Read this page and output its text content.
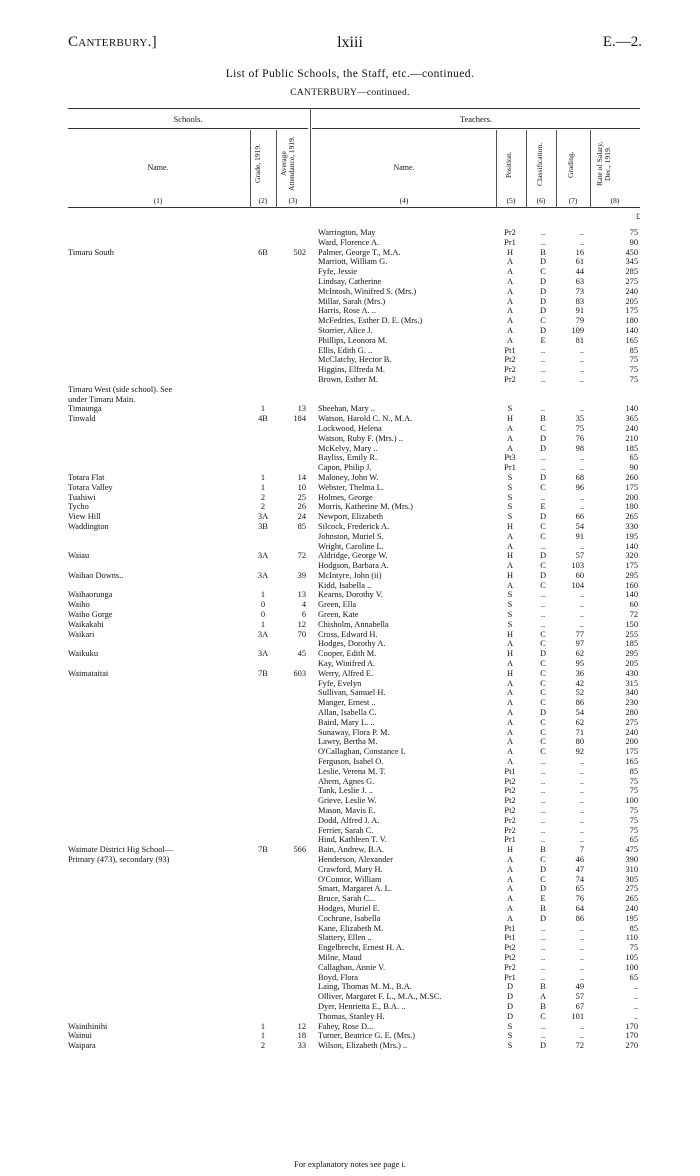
Canterbury.]	lxiii	E.—2.
List of Public Schools, the Staff, etc.—continued.
CANTERBURY—continued.
Schools.	Teachers.
Name.	Grade, 1919. Average Attendance, 1919.	Name.	Position.	Classification.	Grading.	Rate of Salary, Dec., 1919.
(1)	(2)	(3)	(4)	(5)	(6)	(7)	(8)
£
Warrington, May	Pr2	..	..	75
Ward, Florence A.	Pr1	..	..	90
Timaru South	6B	502 Palmer, George T., M.A.	H	B	16	450
Marriott, William G.	A	D	61	345
Fyfe, Jessie	A	C	44	285
Lindsay, Catherine	A	D	63	275
McIntosh, Winifred S. (Mrs.)	A	D	73	240
Millar, Sarah (Mrs.)	A	D	83	205
Harris, Rose A. ..	A	D	91	175
McFedries, Esther D. E. (Mrs.)	A	C	79	180
Storrier, Alice J.	A	D	109	140
Phillips, Leonora M.	A	E	81	165
Ellis, Edith G. ..	Pt1	..	..	85
McClatchy, Hector B.	Pt2	..	..	75
Higgins, Elfreda M.	Pr2	..	..	75
Brown, Esther M.	Pr2	..	..	75
Timaru West (side school). See
under Timaru Main.
Timaunga	1	13 Sheehan, Mary ..	S	..	..	140
Tinwald	4B	184 Watson, Harold C. N., M.A.	H	B	35	365
Lockwood, Helena	A	C	75	240
Watson, Ruby F. (Mrs.) ..	A	D	76	210
McKelvy, Mary ..	A	D	98	185
Bayliss, Emily R.	Pt3	..	..	65
Capon, Philip J.	Pr1	..	..	90
Totara Flat	1	14 Maloney, John W.	S	D	68	260
Totara Valley	1	10 Webster, Thelma L.	S	C	96	175
Tuahiwi	2	25 Holmes, George	S	..	..	200
Tycho	2	26 Morris, Katherine M. (Mrs.)	S	E	..	180
View Hill	3A	24 Newport, Elizabeth	S	D	66	265
Waddington	3B	85 Silcock, Frederick A.	H	C	54	330
Johnston, Muriel S.	A	C	91	195
Wright, Caroline L.	A	..	..	140
Waiau	3A	72 Aldridge, George W.	H	D	57	320
Hodgson, Barbara A.	A	C	103	175
Waihao Downs..	3A	39 McIntyre, John (ii)	H	D	60	295
Kidd, Isabella ..	A	C	104	160
Waihaorunga	1	13 Kearns, Dorothy V.	S	..	..	140
Waiho	0	4 Green, Ella	S	..	..	60
Waiho Gorge	0	6 Green, Kate	S	..	..	72
Waikakahi	1	12 Chisholm, Annabella	S	..	..	150
Waikari	3A	70 Cross, Edward H.	H	C	77	255
Hodges, Dorothy A.	A	C	97	185
Waikuku	3A	45 Cooper, Edith M.	H	D	62	295
Kay, Winifred A.	A	C	95	205
Waimataitai	7B	603 Werry, Alfred E.	H	C	36	430
Fyfe, Evelyn	A	C	42	315
Sullivan, Samuel H.	A	C	52	340
Manger, Ernest ..	A	C	86	230
Allan, Isabella C.	A	D	54	280
Baird, Mary L. ..	A	C	62	275
Sunaway, Flora P. M.	A	C	71	240
Lawry, Bertha M.	A	C	80	200
O'Callaghan, Constance I.	A	C	92	175
Ferguson, Isabel O.	A	..	..	165
Leslie, Verena M. T.	Pt1	..	..	85
Ahern, Agnes G.	Pt2	..	..	75
Tank, Leslie J. ..	Pt2	..	..	75
Grieve, Leslie W.	Pt2	..	..	100
Mason, Mavis E.	Pt2	..	..	75
Dodd, Alfred J. A.	Pr2	..	..	75
Ferrier, Sarah C.	Pr2	..	..	75
Hind, Kathleen T. V.	Pr1	..	..	65
Waimate District Hig School—	7B	566 Bain, Andrew, B.A.	H	B	7	475
Primary (473), secondary (93)	Henderson, Alexander	A	C	46	390
Crawford, Mary H.	A	D	47	310
O'Connor, William	A	C	74	305
Smart, Margaret A. L.	A	D	65	275
Bruce, Sarah C...	A	E	76	265
Hodges, Muriel E.	A	B	64	240
Cochrane, Isabella	A	D	86	195
Kane, Elizabeth M.	Pt1	..	..	85
Slattery, Ellen ..	Pt1	..	..	110
Engelbrecht, Ernest H. A.	Pt2	..	..	75
Milne, Maud	Pt2	..	..	105
Callaghan, Annie V.	Pr2	..	..	100
Boyd, Flora	Pr1	..	..	65
Laing, Thomas M. M., B.A.	D	B	49	..
Olliver, Margaret F. L., M.A., M.SC.	D	A	57	..
Dyer, Henrietta E., B.A. ..	D	B	67	..
Thomas, Stanley H.	D	C	101	..
Wainihinihi	1	12 Fahey, Rose D...	S	..	..	170
Wainui	1	18 Turner, Beatrice G. E. (Mrs.)	S	..	..	170
Waipara	2	33 Wilson, Elizabeth (Mrs.) ..	S	D	72	270
For explanatory notes see page i.
